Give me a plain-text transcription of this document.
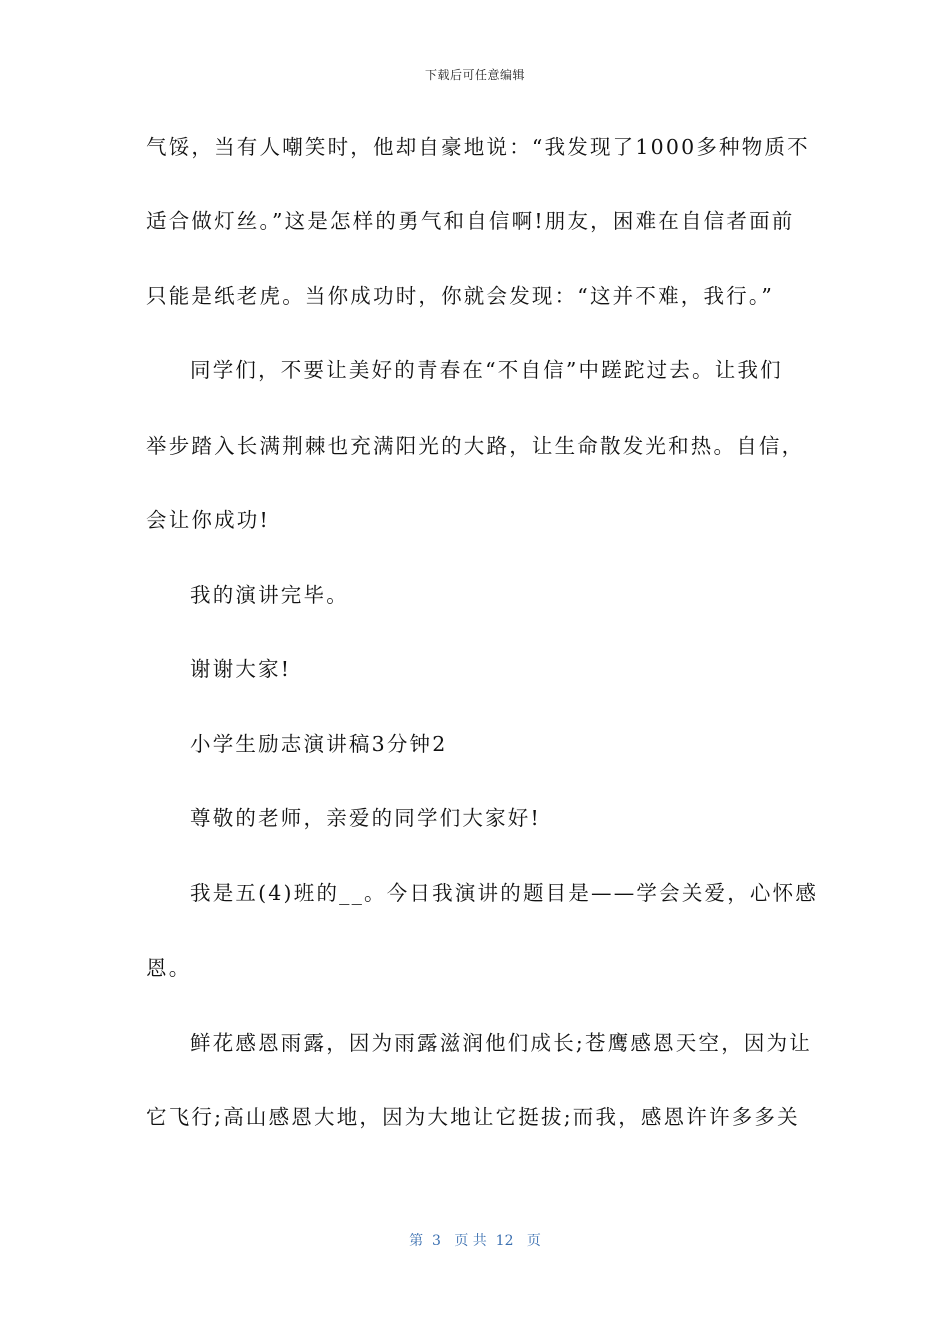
下载后可任意编辑
气馁，当有人嘲笑时，他却自豪地说：“我发现了1000多种物质不
适合做灯丝。”这是怎样的勇气和自信啊!朋友，困难在自信者面前
只能是纸老虎。当你成功时，你就会发现：“这并不难，我行。”
同学们，不要让美好的青春在“不自信”中蹉跎过去。让我们
举步踏入长满荆棘也充满阳光的大路，让生命散发光和热。自信，
会让你成功!
我的演讲完毕。
谢谢大家!
小学生励志演讲稿3分钟2
尊敬的老师，亲爱的同学们大家好!
我是五(4)班的__。今日我演讲的题目是——学会关爱，心怀感
恩。
鲜花感恩雨露，因为雨露滋润他们成长;苍鹰感恩天空，因为让
它飞行;高山感恩大地，因为大地让它挺拔;而我，感恩许许多多关
第  3   页 共  12   页
